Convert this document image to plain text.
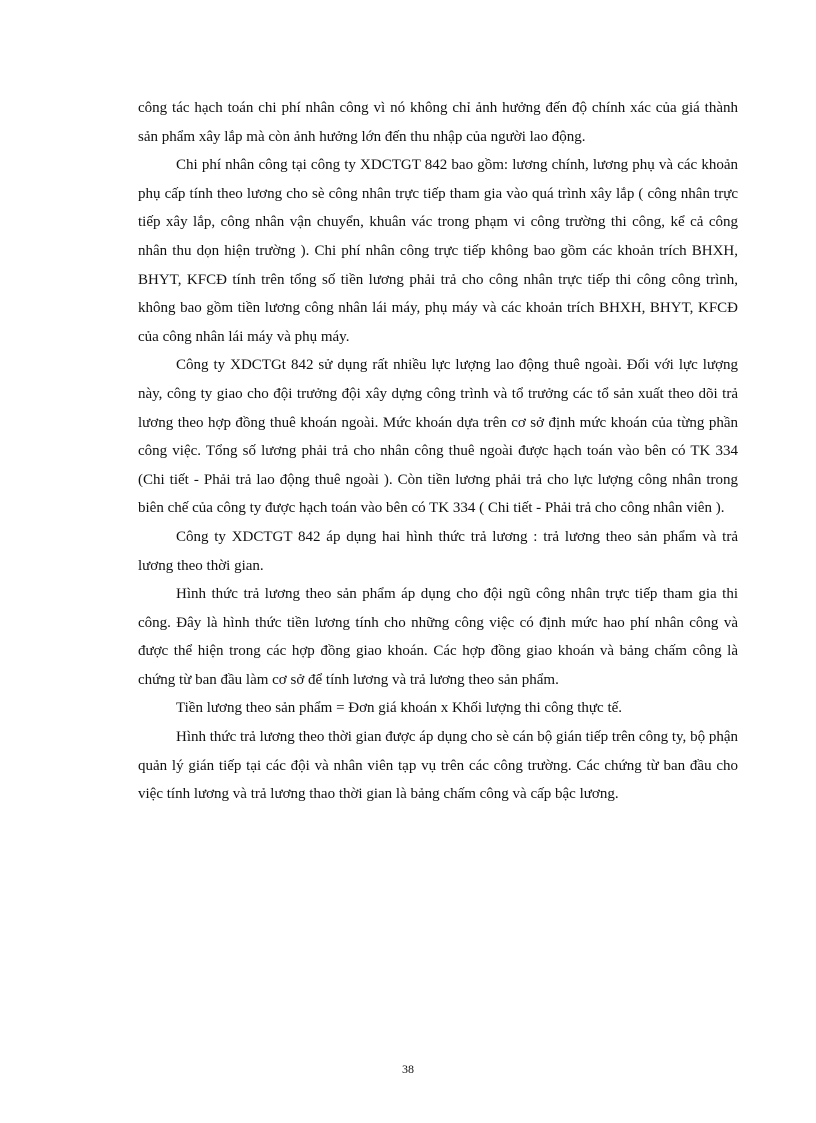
công tác hạch toán chi phí nhân công vì nó không chỉ ảnh hưởng đến độ chính xác của giá thành sản phẩm xây lắp mà còn ảnh hưởng lớn đến thu nhập của người lao động.

Chi phí nhân công tại công ty XDCTGT 842 bao gồm: lương chính, lương phụ và các khoản phụ cấp tính theo lương cho sè công nhân trực tiếp tham gia vào quá trình xây lắp ( công nhân trực tiếp xây lắp, công nhân vận chuyển, khuân vác trong phạm vi công trường thi công, kể cả công nhân thu dọn hiện trường ). Chi phí nhân công trực tiếp không bao gồm các khoản trích BHXH, BHYT, KFCĐ tính trên tổng số tiền lương phải trả cho công nhân trực tiếp thi công công trình, không bao gồm tiền lương công nhân lái máy, phụ máy và các khoản trích BHXH, BHYT, KFCĐ của công nhân lái máy và phụ máy.

Công ty XDCTGt 842 sử dụng rất nhiều lực lượng lao động thuê ngoài. Đối với lực lượng này, công ty giao cho đội trưởng đội xây dựng công trình và tổ trưởng các tổ sản xuất theo dõi trả lương theo hợp đồng thuê khoán ngoài. Mức khoán dựa trên cơ sở định mức khoán của từng phần công việc. Tổng số lương phải trả cho nhân công thuê ngoài được hạch toán vào bên có TK 334 (Chi tiết - Phải trả lao động thuê ngoài ). Còn tiền lương phải trả cho lực lượng công nhân trong biên chế của công ty được hạch toán vào bên có TK 334 ( Chi tiết - Phải trả cho công nhân viên ).

Công ty XDCTGT 842 áp dụng hai hình thức trả lương : trả lương theo sản phẩm và trả lương theo thời gian.

Hình thức trả lương theo sản phẩm áp dụng cho đội ngũ công nhân trực tiếp tham gia thi công. Đây là hình thức tiền lương tính cho những công việc có định mức hao phí nhân công và được thể hiện trong các hợp đồng giao khoán. Các hợp đồng giao khoán và bảng chấm công là chứng từ ban đầu làm cơ sở để tính lương và trả lương theo sản phẩm.

Tiền lương theo sản phẩm = Đơn giá khoán x Khối lượng thi công thực tế.

Hình thức trả lương theo thời gian được áp dụng cho sè cán bộ gián tiếp trên công ty, bộ phận quản lý gián tiếp tại các đội và nhân viên tạp vụ trên các công trường. Các chứng từ ban đầu cho việc tính lương và trả lương thao thời gian là bảng chấm công và cấp bậc lương.

38
